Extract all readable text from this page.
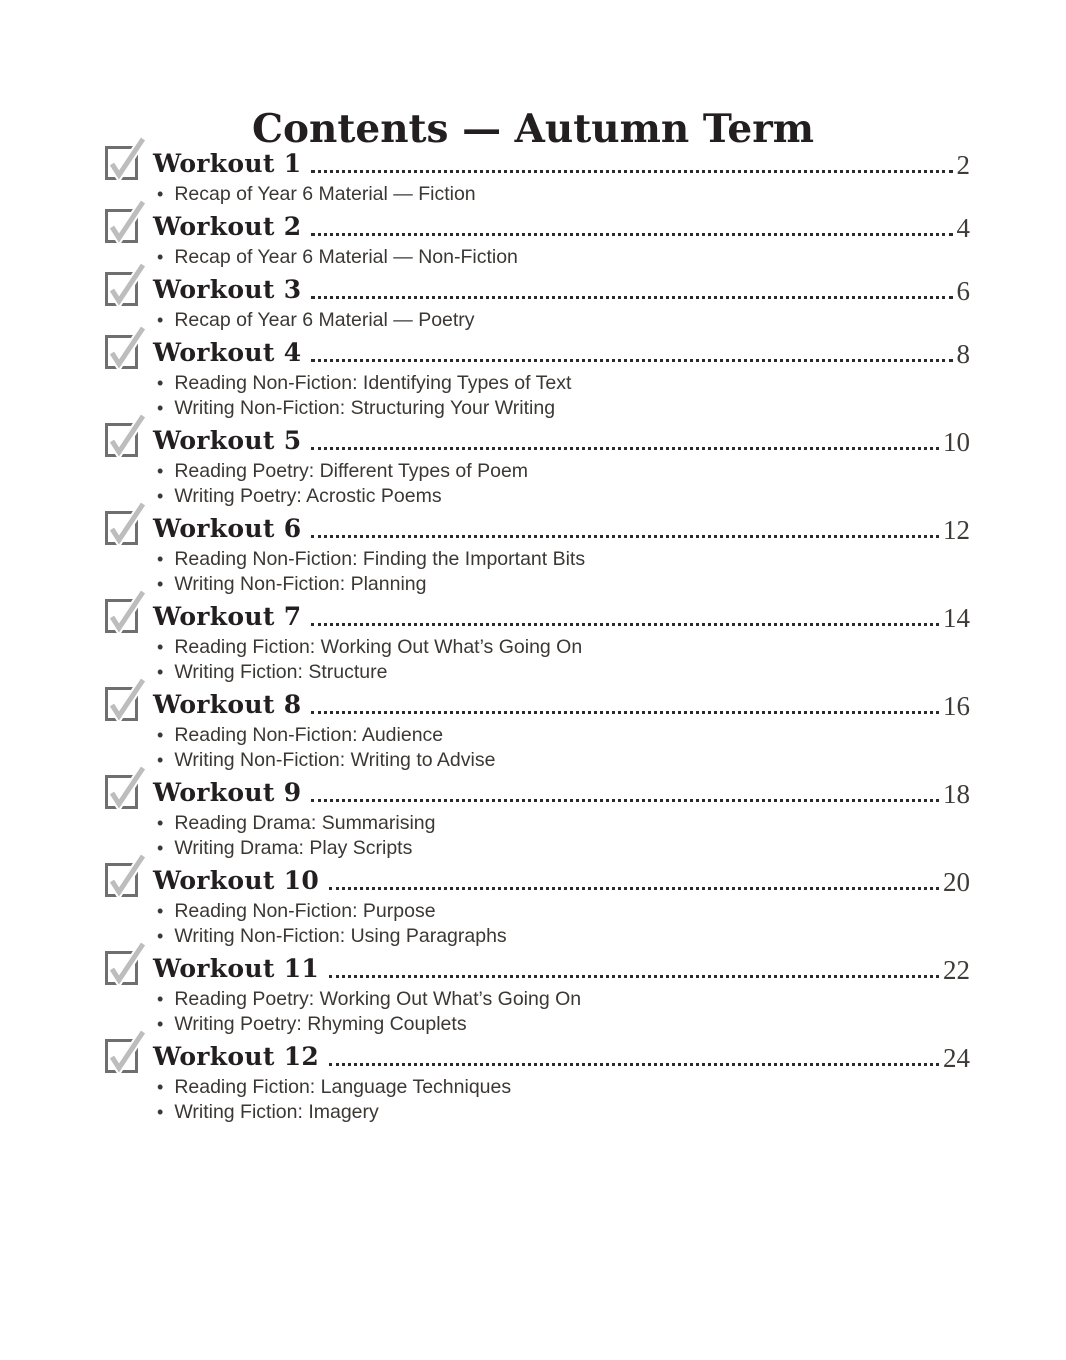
Contents — Autumn Term
Workout 1	2
• Recap of Year 6 Material — Fiction
Workout 2	4
• Recap of Year 6 Material — Non-Fiction
Workout 3	6
• Recap of Year 6 Material — Poetry
Workout 4	8
• Reading Non-Fiction: Identifying Types of Text
• Writing Non-Fiction: Structuring Your Writing
Workout 5	10
• Reading Poetry: Different Types of Poem
• Writing Poetry: Acrostic Poems
Workout 6	12
• Reading Non-Fiction: Finding the Important Bits
• Writing Non-Fiction: Planning
Workout 7	14
• Reading Fiction: Working Out What’s Going On
• Writing Fiction: Structure
Workout 8	16
• Reading Non-Fiction: Audience
• Writing Non-Fiction: Writing to Advise
Workout 9	18
• Reading Drama: Summarising
• Writing Drama: Play Scripts
Workout 10	20
• Reading Non-Fiction: Purpose
• Writing Non-Fiction: Using Paragraphs
Workout 11	22
• Reading Poetry: Working Out What’s Going On
• Writing Poetry: Rhyming Couplets
Workout 12	24
• Reading Fiction: Language Techniques
• Writing Fiction: Imagery
